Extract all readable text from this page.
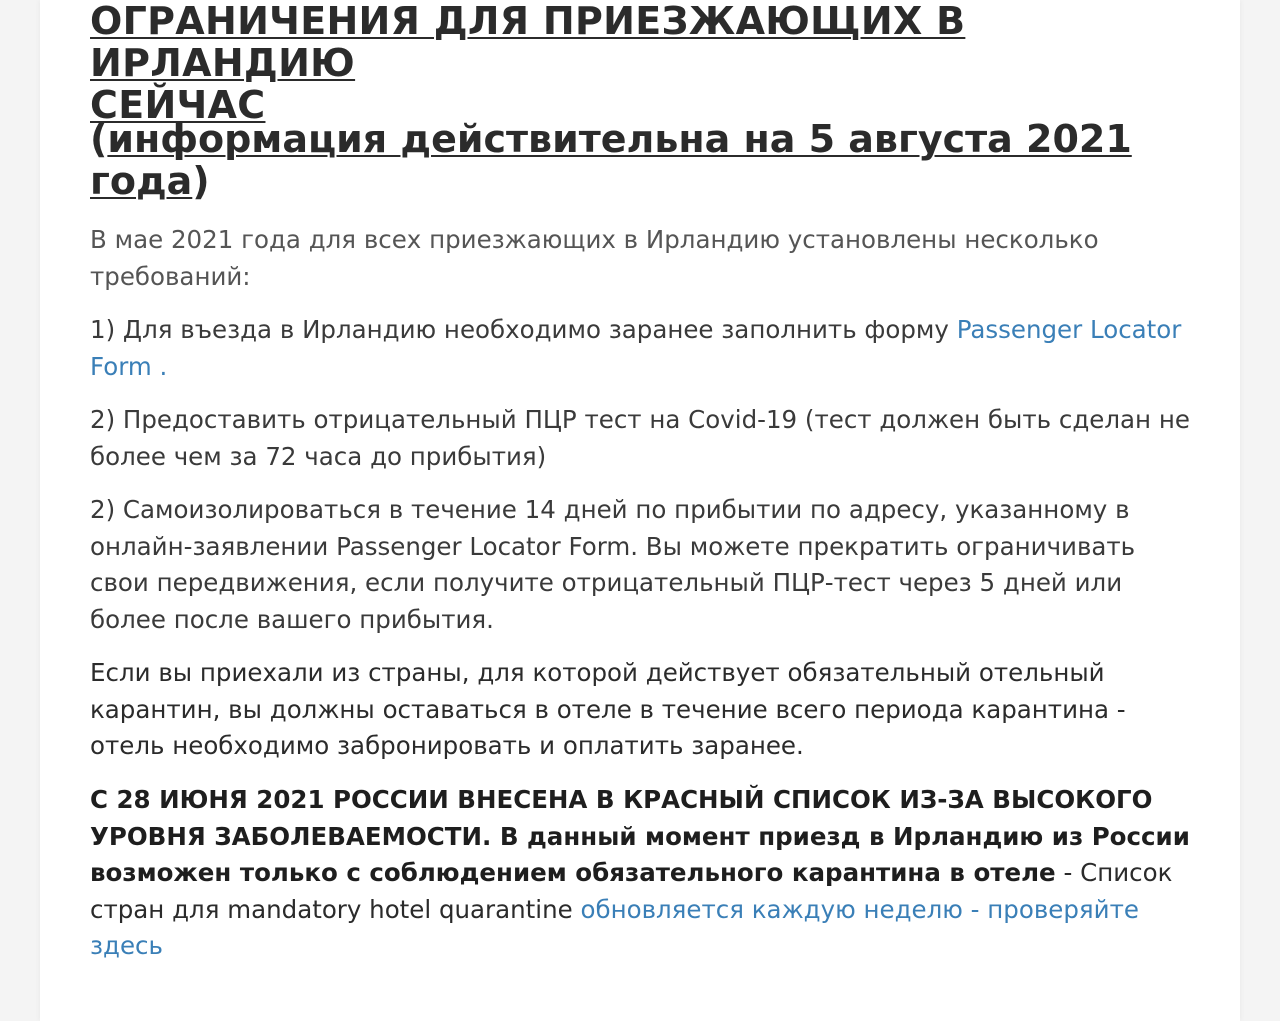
ОГРАНИЧЕНИЯ ДЛЯ ПРИЕЗЖАЮЩИХ В ИРЛАНДИЮ
СЕЙЧАС
(информация действительна на 5 августа 2021 года)

В мае 2021 года для всех приезжающих в Ирландию установлены несколько требований:

1) Для въезда в Ирландию необходимо заранее заполнить форму Passenger Locator Form .

2) Предоставить отрицательный ПЦР тест на Covid-19 (тест должен быть сделан не более чем за 72 часа до прибытия)

2) Самоизолироваться в течение 14 дней по прибытии по адресу, указанному в онлайн-заявлении Passenger Locator Form. Вы можете прекратить ограничивать свои передвижения, если получите отрицательный ПЦР-тест через 5 дней или более после вашего прибытия.

Если вы приехали из страны, для которой действует обязательный отельный карантин, вы должны оставаться в отеле в течение всего периода карантина - отель необходимо забронировать и оплатить заранее.

С 28 ИЮНЯ 2021 РОССИИ ВНЕСЕНА В КРАСНЫЙ СПИСОК ИЗ-ЗА ВЫСОКОГО УРОВНЯ ЗАБОЛЕВАЕМОСТИ. В данный момент приезд в Ирландию из России возможен только с соблюдением обязательного карантина в отеле - Список стран для mandatory hotel quarantine обновляется каждую неделю - проверяйте здесь
